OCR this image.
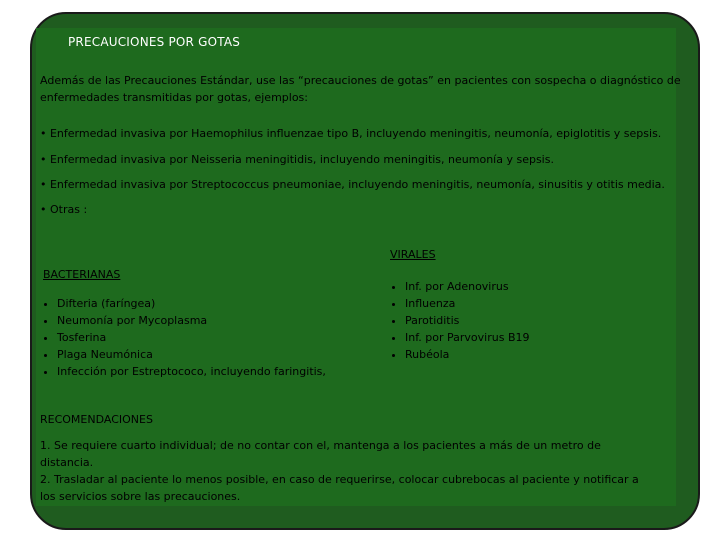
PRECAUCIONES POR GOTAS
Además de las Precauciones Estándar, use las “precauciones de gotas” en pacientes con sospecha o diagnóstico de enfermedades transmitidas por gotas, ejemplos:
• Enfermedad invasiva por Haemophilus influenzae tipo B, incluyendo meningitis, neumonía, epiglotitis y sepsis.
• Enfermedad invasiva por Neisseria meningitidis, incluyendo meningitis, neumonía y sepsis.
• Enfermedad invasiva por Streptococcus pneumoniae, incluyendo meningitis, neumonía, sinusitis y otitis media.
• Otras :
VIRALES
• Inf. por Adenovirus
• Influenza
• Parotiditis
• Inf. por Parvovirus B19
• Rubéola
BACTERIANAS
• Difteria (faríngea)
• Neumonía por Mycoplasma
• Tosferina
• Plaga Neumónica
• Infección por Estreptococo, incluyendo faringitis,
RECOMENDACIONES
1. Se requiere cuarto individual; de no contar con el, mantenga a los pacientes a más de un metro de distancia.
2. Trasladar al paciente lo menos posible, en caso de requerirse, colocar cubrebocas al paciente y notificar a los servicios sobre las precauciones.
